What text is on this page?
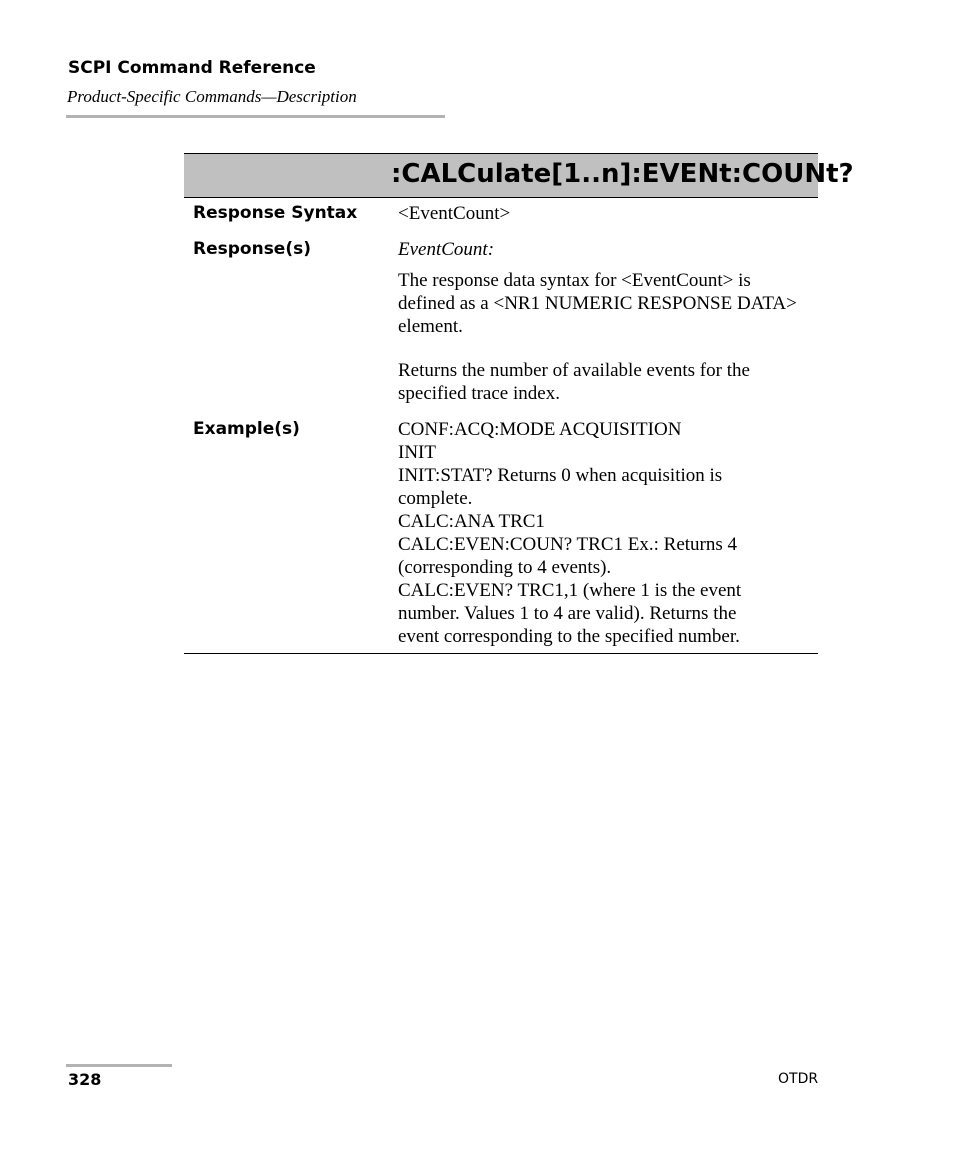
SCPI Command Reference
Product-Specific Commands—Description
:CALCulate[1..n]:EVENt:COUNt?
Response Syntax <EventCount>
Response(s)	EventCount:
The response data syntax for <EventCount> is
defined as a <NR1 NUMERIC RESPONSE DATA>
element.
Returns the number of available events for the
specified trace index.
Example(s)	CONF:ACQ:MODE ACQUISITION
INIT
INIT:STAT? Returns 0 when acquisition is
complete.
CALC:ANA TRC1
CALC:EVEN:COUN? TRC1 Ex.: Returns 4
(corresponding to 4 events).
CALC:EVEN? TRC1,1 (where 1 is the event
number. Values 1 to 4 are valid). Returns the
event corresponding to the specified number.
328	OTDR
